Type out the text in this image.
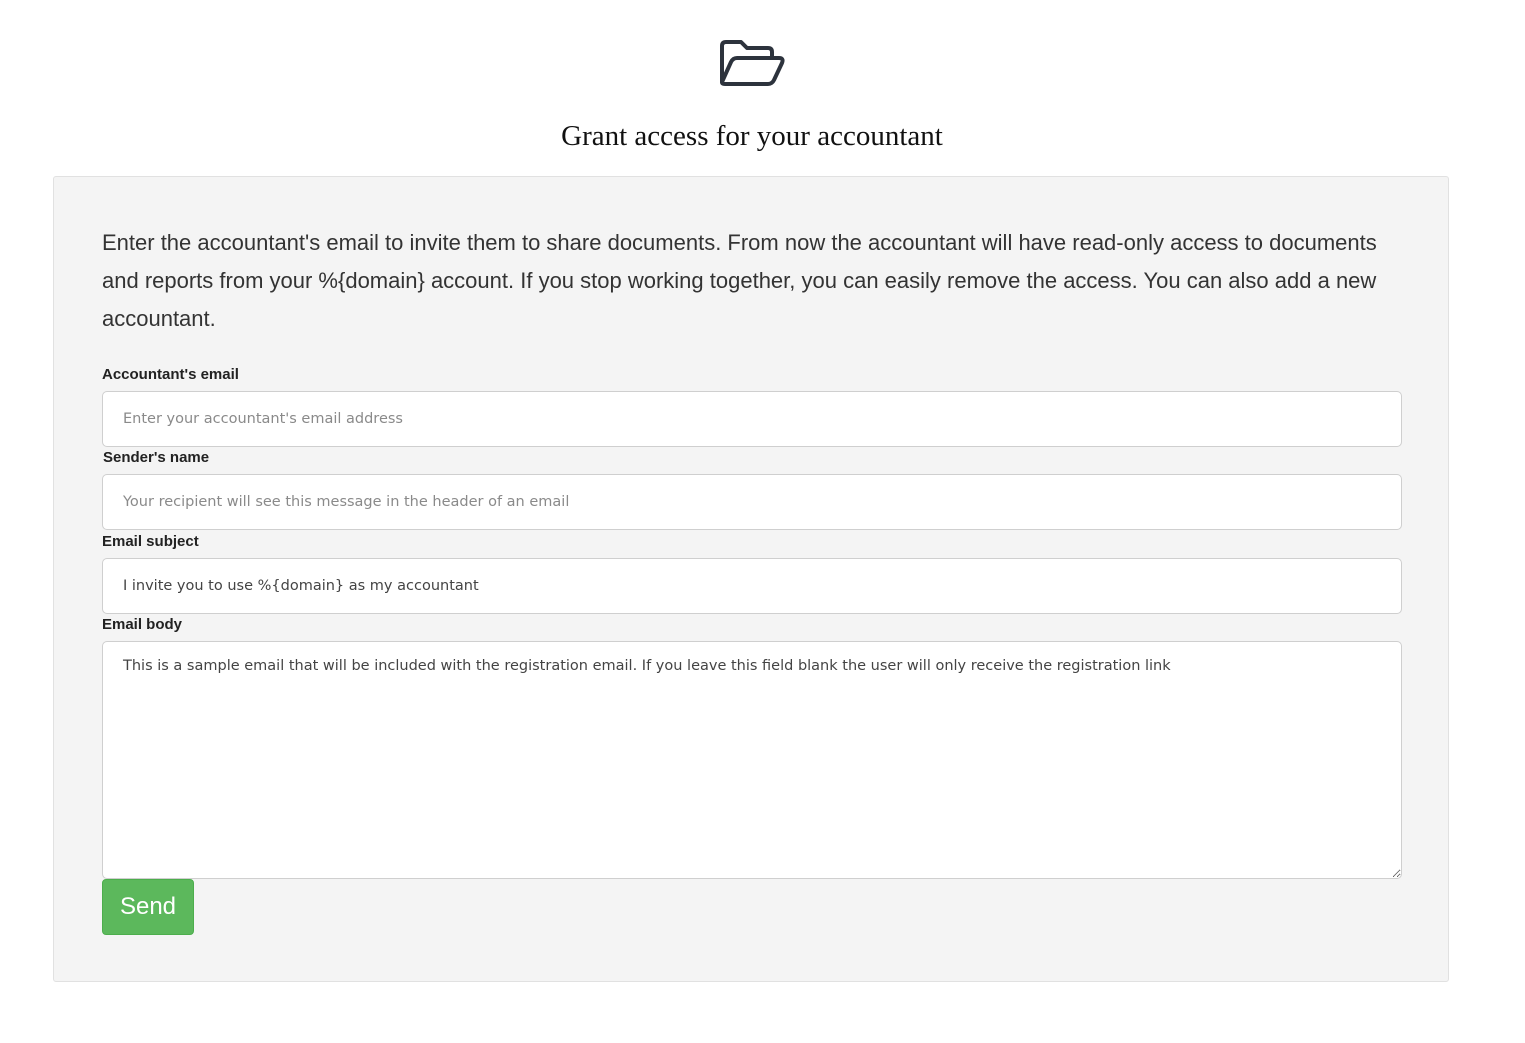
Grant access for your accountant

Enter the accountant's email to invite them to share documents. From now the accountant will have read-only access to documents and reports from your %{domain} account. If you stop working together, you can easily remove the access. You can also add a new accountant.

Accountant's email
Enter your accountant's email address
Sender's name
Your recipient will see this message in the header of an email
Email subject
I invite you to use %{domain} as my accountant
Email body
This is a sample email that will be included with the registration email. If you leave this field blank the user will only receive the registration link
Send
